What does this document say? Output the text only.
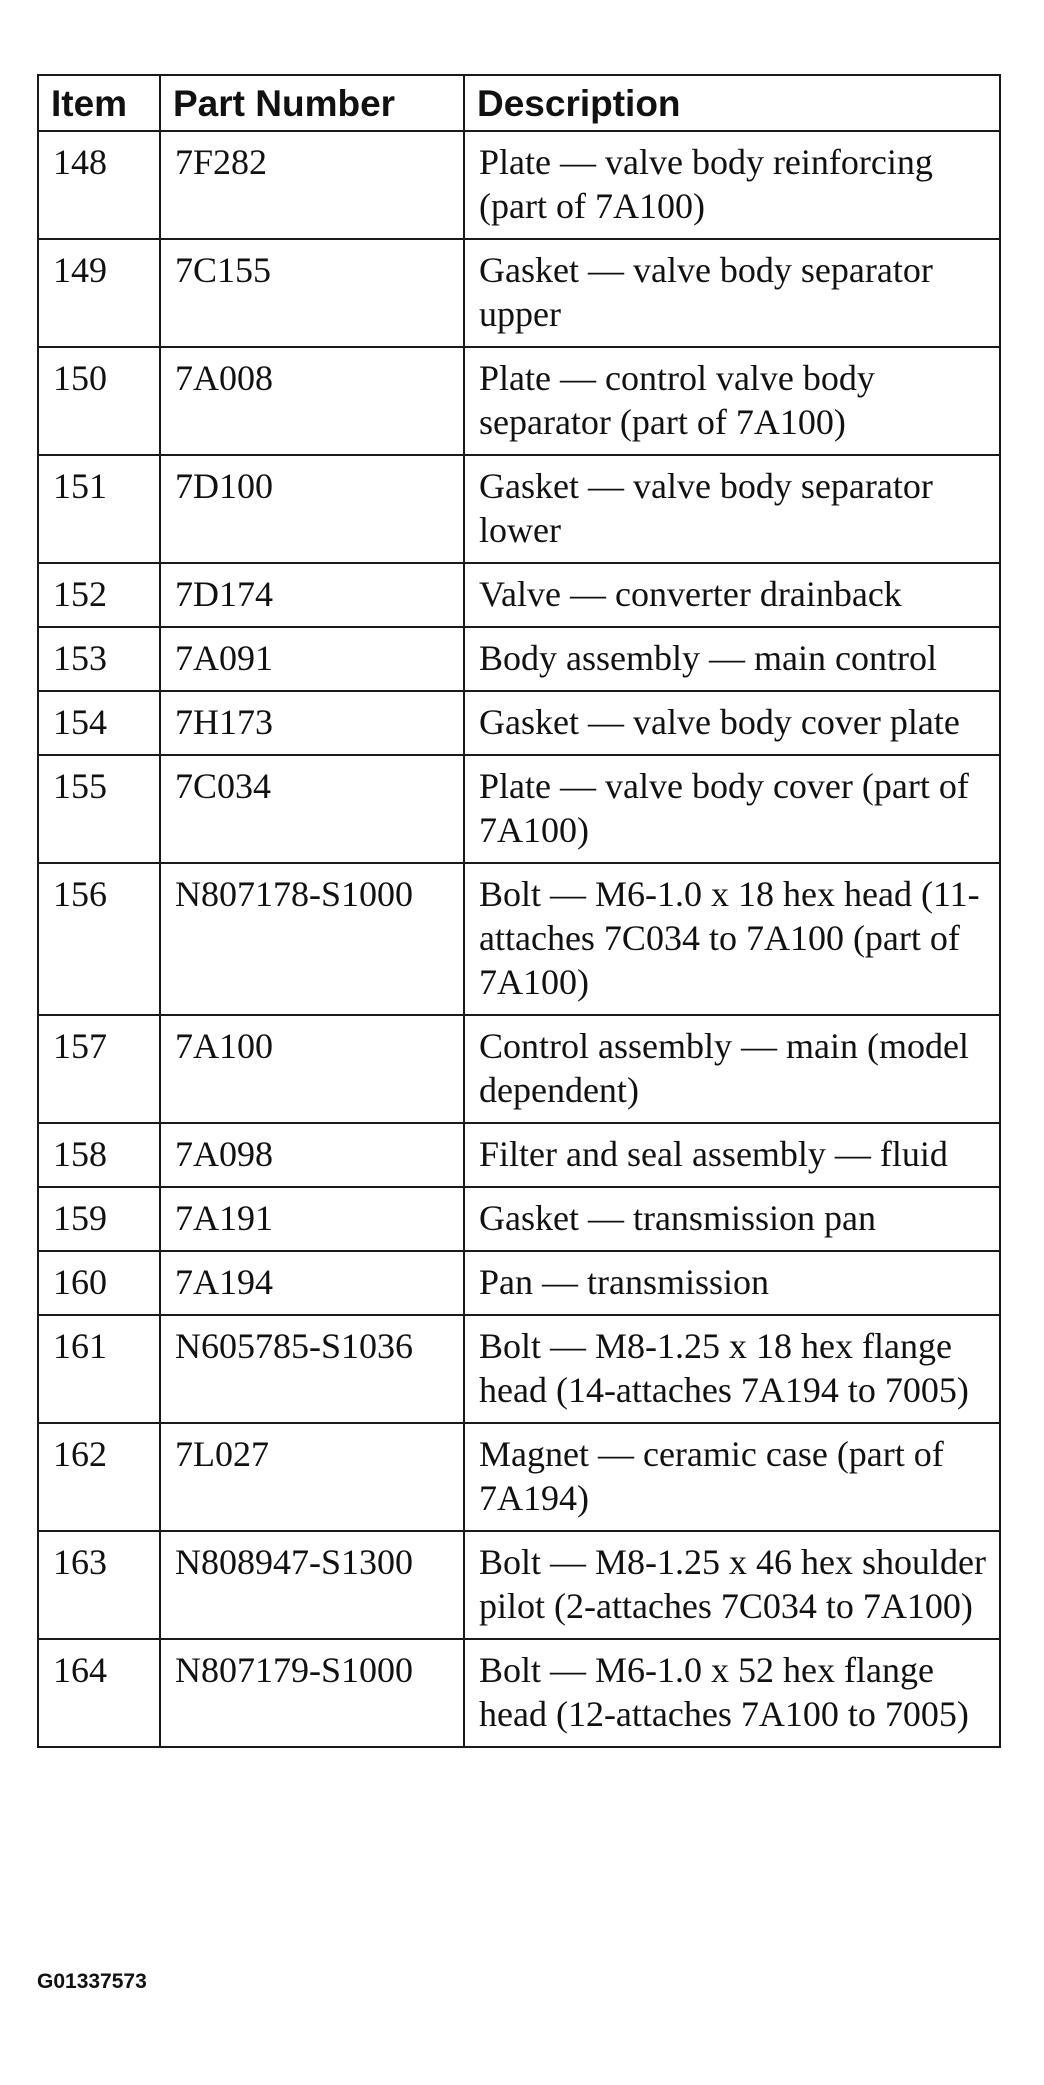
Item	Part Number	Description
148	7F282	Plate — valve body reinforcing (part of 7A100)
149	7C155	Gasket — valve body separator upper
150	7A008	Plate — control valve body separator (part of 7A100)
151	7D100	Gasket — valve body separator lower
152	7D174	Valve — converter drainback
153	7A091	Body assembly — main control
154	7H173	Gasket — valve body cover plate
155	7C034	Plate — valve body cover (part of 7A100)
156	N807178-S1000	Bolt — M6-1.0 x 18 hex head (11-attaches 7C034 to 7A100 (part of 7A100)
157	7A100	Control assembly — main (model dependent)
158	7A098	Filter and seal assembly — fluid
159	7A191	Gasket — transmission pan
160	7A194	Pan — transmission
161	N605785-S1036	Bolt — M8-1.25 x 18 hex flange head (14-attaches 7A194 to 7005)
162	7L027	Magnet — ceramic case (part of 7A194)
163	N808947-S1300	Bolt — M8-1.25 x 46 hex shoulder pilot (2-attaches 7C034 to 7A100)
164	N807179-S1000	Bolt — M6-1.0 x 52 hex flange head (12-attaches 7A100 to 7005)
G01337573
